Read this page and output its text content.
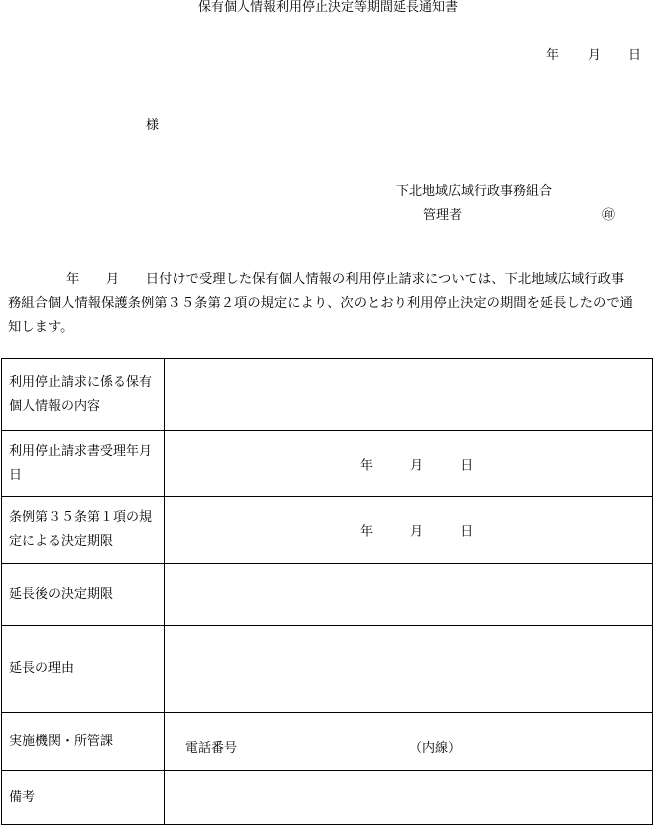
保有個人情報利用停止決定等期間延長通知書
年 月 日
様
下北地域広域行政事務組合
管理者	㊞
年　　月　　日付けで受理した保有個人情報の利用停止請求については、下北地域広域行政事
務組合個人情報保護条例第３５条第２項の規定により、次のとおり利用停止決定の期間を延長したので通
知します。
利用停止請求に係る保有個人情報の内容	
利用停止請求書受理年月日	年 月 日

条例第３５条第１項の規定による決定期限	年 月 日

延長後の決定期限	
延長の理由	
実施機関・所管課	電話番号 （内線）

備考	
